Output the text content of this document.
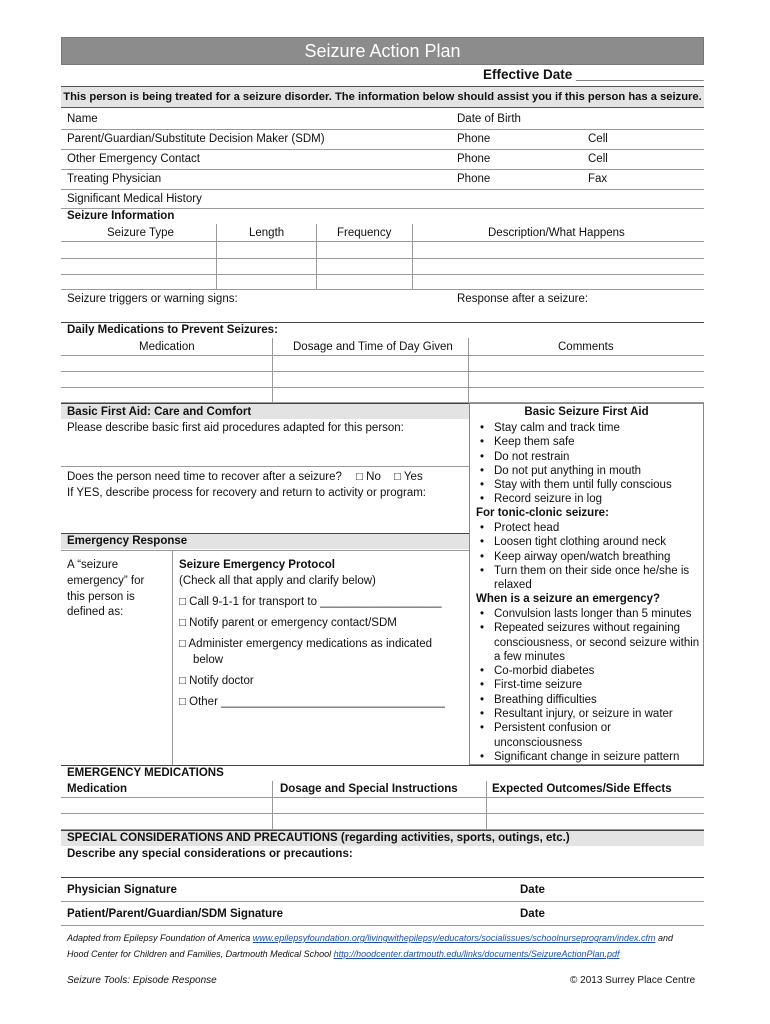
Seizure Action Plan
Effective Date _________________
This person is being treated for a seizure disorder. The information below should assist you if this person has a seizure.
Name	Date of Birth
Parent/Guardian/Substitute Decision Maker (SDM)	Phone	Cell
Other Emergency Contact	Phone	Cell
Treating Physician	Phone	Fax
Significant Medical History
Seizure Information
Seizure Type	Length	Frequency	Description/What Happens
Seizure triggers or warning signs:	Response after a seizure:
Daily Medications to Prevent Seizures:
Medication	Dosage and Time of Day Given	Comments
Basic Seizure First Aid
• Stay calm and track time
• Keep them safe
• Do not restrain
• Do not put anything in mouth
• Stay with them until fully conscious
• Record seizure in log
For tonic-clonic seizure:
• Protect head
• Loosen tight clothing around neck
• Keep airway open/watch breathing
• Turn them on their side once he/she is relaxed
When is a seizure an emergency?
• Convulsion lasts longer than 5 minutes
• Repeated seizures without regaining consciousness, or second seizure within a few minutes
• Co-morbid diabetes
• First-time seizure
• Breathing difficulties
• Resultant injury, or seizure in water
• Persistent confusion or unconsciousness
• Significant change in seizure pattern
Basic First Aid: Care and Comfort
Please describe basic first aid procedures adapted for this person:
Does the person need time to recover after a seizure? □ No □ Yes
If YES, describe process for recovery and return to activity or program:
Emergency Response
A “seizure
emergency” for
this person is
defined as:
Seizure Emergency Protocol
(Check all that apply and clarify below)
□ Call 9-1-1 for transport to ___________________
□ Notify parent or emergency contact/SDM
□ Administer emergency medications as indicated
below
□ Notify doctor
□ Other ___________________________________
EMERGENCY MEDICATIONS
Medication	Dosage and Special Instructions	Expected Outcomes/Side Effects
SPECIAL CONSIDERATIONS AND PRECAUTIONS (regarding activities, sports, outings, etc.)
Describe any special considerations or precautions:
Physician Signature	Date
Patient/Parent/Guardian/SDM Signature	Date
Adapted from Epilepsy Foundation of America www.epilepsyfoundation.org/livingwithepilepsy/educators/socialissues/schoolnurseprogram/index.cfm and
Hood Center for Children and Families, Dartmouth Medical School http://hoodcenter.dartmouth.edu/links/documents/SeizureActionPlan.pdf
Seizure Tools: Episode Response	© 2013 Surrey Place Centre
